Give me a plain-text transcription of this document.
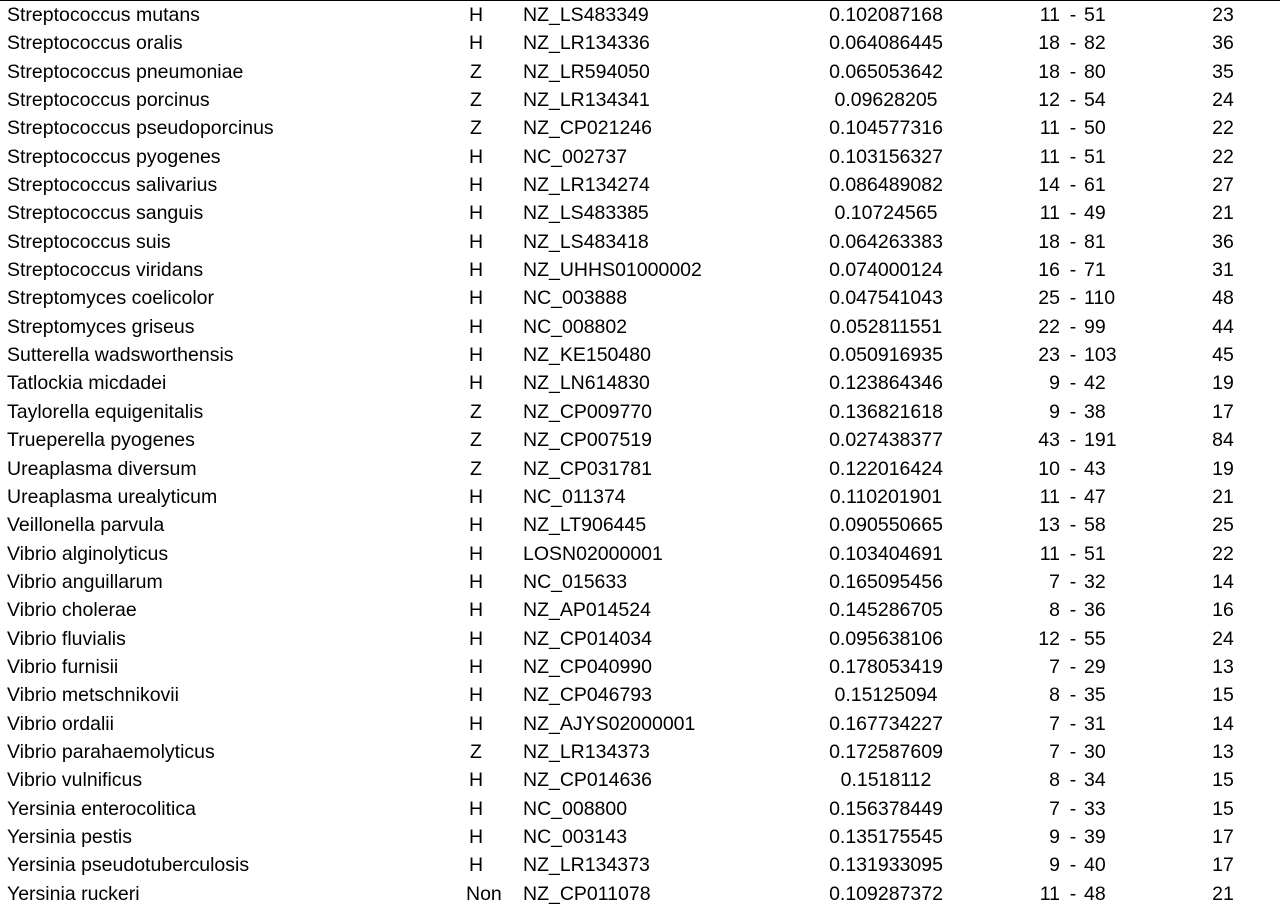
Streptococcus mutans	H NZ_LS483349	0.102087168	11 - 51	23
Streptococcus oralis	H NZ_LR134336	0.064086445	18 - 82	36
Streptococcus pneumoniae	Z NZ_LR594050	0.065053642	18 - 80	35
Streptococcus porcinus	Z NZ_LR134341	0.09628205	12 - 54	24
Streptococcus pseudoporcinus	Z NZ_CP021246	0.104577316	11 - 50	22
Streptococcus pyogenes	H NC_002737	0.103156327	11 - 51	22
Streptococcus salivarius	H NZ_LR134274	0.086489082	14 - 61	27
Streptococcus sanguis	H NZ_LS483385	0.10724565	11 - 49	21
Streptococcus suis	H NZ_LS483418	0.064263383	18 - 81	36
Streptococcus viridans	H NZ_UHHS01000002	0.074000124	16 - 71	31
Streptomyces coelicolor	H NC_003888	0.047541043	25 - 110	48
Streptomyces griseus	H NC_008802	0.052811551	22 - 99	44
Sutterella wadsworthensis	H NZ_KE150480	0.050916935	23 - 103	45
Tatlockia micdadei	H NZ_LN614830	0.123864346	9 - 42	19
Taylorella equigenitalis	Z NZ_CP009770	0.136821618	9 - 38	17
Trueperella pyogenes	Z NZ_CP007519	0.027438377	43 - 191	84
Ureaplasma diversum	Z NZ_CP031781	0.122016424	10 - 43	19
Ureaplasma urealyticum	H NC_011374	0.110201901	11 - 47	21
Veillonella parvula	H NZ_LT906445	0.090550665	13 - 58	25
Vibrio alginolyticus	H LOSN02000001	0.103404691	11 - 51	22
Vibrio anguillarum	H NC_015633	0.165095456	7 - 32	14
Vibrio cholerae	H NZ_AP014524	0.145286705	8 - 36	16
Vibrio fluvialis	H NZ_CP014034	0.095638106	12 - 55	24
Vibrio furnisii	H NZ_CP040990	0.178053419	7 - 29	13
Vibrio metschnikovii	H NZ_CP046793	0.15125094	8 - 35	15
Vibrio ordalii	H NZ_AJYS02000001	0.167734227	7 - 31	14
Vibrio parahaemolyticus	Z NZ_LR134373	0.172587609	7 - 30	13
Vibrio vulnificus	H NZ_CP014636	0.1518112	8 - 34	15
Yersinia enterocolitica	H NC_008800	0.156378449	7 - 33	15
Yersinia pestis	H NC_003143	0.135175545	9 - 39	17
Yersinia pseudotuberculosis	H NZ_LR134373	0.131933095	9 - 40	17
Yersinia ruckeri	Non NZ_CP011078	0.109287372	11 - 48	21
